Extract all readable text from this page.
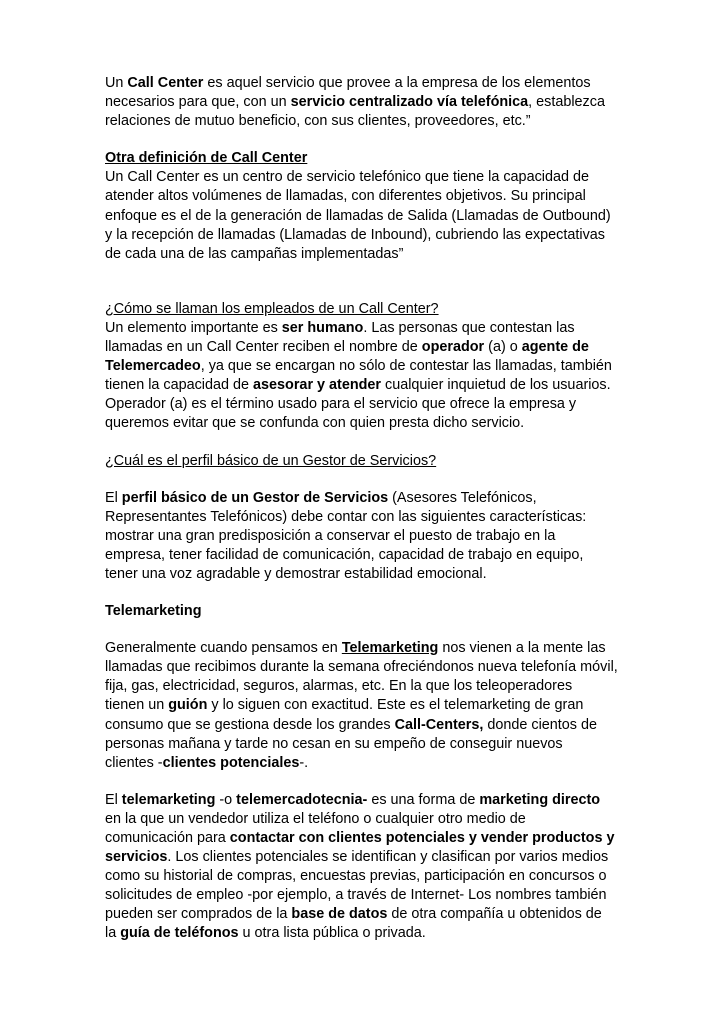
Un Call Center es aquel servicio que provee a la empresa de los elementos
necesarios para que, con un servicio centralizado vía telefónica, establezca
relaciones de mutuo beneficio, con sus clientes, proveedores, etc.”

Otra definición de Call Center
Un Call Center es un centro de servicio telefónico que tiene la capacidad de
atender altos volúmenes de llamadas, con diferentes objetivos. Su principal
enfoque es el de la generación de llamadas de Salida (Llamadas de Outbound)
y la recepción de llamadas (Llamadas de Inbound), cubriendo las expectativas
de cada una de las campañas implementadas”

¿Cómo se llaman los empleados de un Call Center?
Un elemento importante es ser humano. Las personas que contestan las
llamadas en un Call Center reciben el nombre de operador (a) o agente de
Telemercadeo, ya que se encargan no sólo de contestar las llamadas, también
tienen la capacidad de asesorar y atender cualquier inquietud de los usuarios.
Operador (a) es el término usado para el servicio que ofrece la empresa y
queremos evitar que se confunda con quien presta dicho servicio.

¿Cuál es el perfil básico de un Gestor de Servicios?

El perfil básico de un Gestor de Servicios (Asesores Telefónicos,
Representantes Telefónicos) debe contar con las siguientes características:
mostrar una gran predisposición a conservar el puesto de trabajo en la
empresa, tener facilidad de comunicación, capacidad de trabajo en equipo,
tener una voz agradable y demostrar estabilidad emocional.

Telemarketing

Generalmente cuando pensamos en Telemarketing nos vienen a la mente las
llamadas que recibimos durante la semana ofreciéndonos nueva telefonía móvil,
fija, gas, electricidad, seguros, alarmas, etc. En la que los teleoperadores
tienen un guión y lo siguen con exactitud. Este es el telemarketing de gran
consumo que se gestiona desde los grandes Call-Centers, donde cientos de
personas mañana y tarde no cesan en su empeño de conseguir nuevos
clientes -clientes potenciales-.

El telemarketing -o telemercadotecnia- es una forma de marketing directo
en la que un vendedor utiliza el teléfono o cualquier otro medio de
comunicación para contactar con clientes potenciales y vender productos y
servicios. Los clientes potenciales se identifican y clasifican por varios medios
como su historial de compras, encuestas previas, participación en concursos o
solicitudes de empleo -por ejemplo, a través de Internet- Los nombres también
pueden ser comprados de la base de datos de otra compañía u obtenidos de
la guía de teléfonos u otra lista pública o privada.
